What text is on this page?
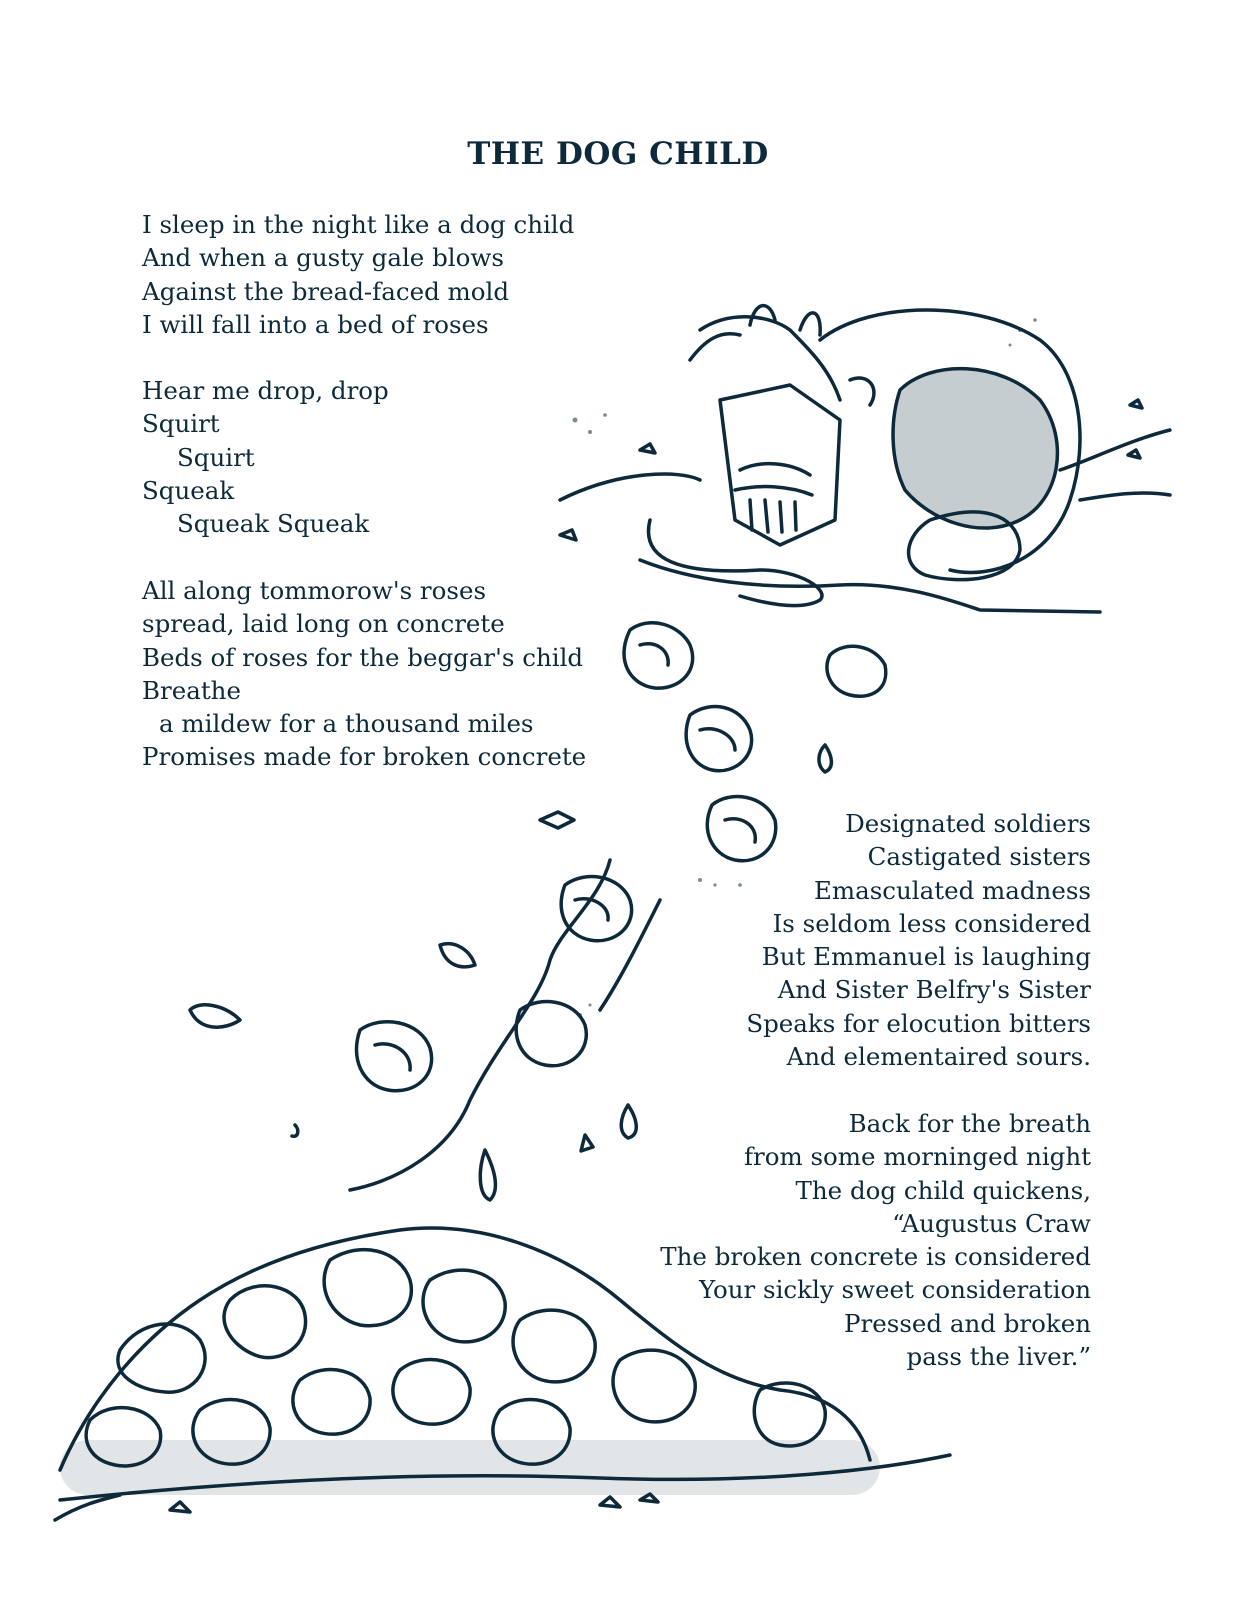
THE DOG CHILD
I sleep in the night like a dog child
And when a gusty gale blows
Against the bread-faced mold
I will fall into a bed of roses
Hear me drop, drop
Squirt
Squirt
Squeak
Squeak Squeak
All along tommorow's roses
spread, laid long on concrete
Beds of roses for the beggar's child
Breathe
a mildew for a thousand miles
Promises made for broken concrete
Designated soldiers
Castigated sisters
Emasculated madness
Is seldom less considered
But Emmanuel is laughing
And Sister Belfry's Sister
Speaks for elocution bitters
And elementaired sours.
Back for the breath
from some morninged night
The dog child quickens,
“Augustus Craw
The broken concrete is considered
Your sickly sweet consideration
Pressed and broken
pass the liver.”
